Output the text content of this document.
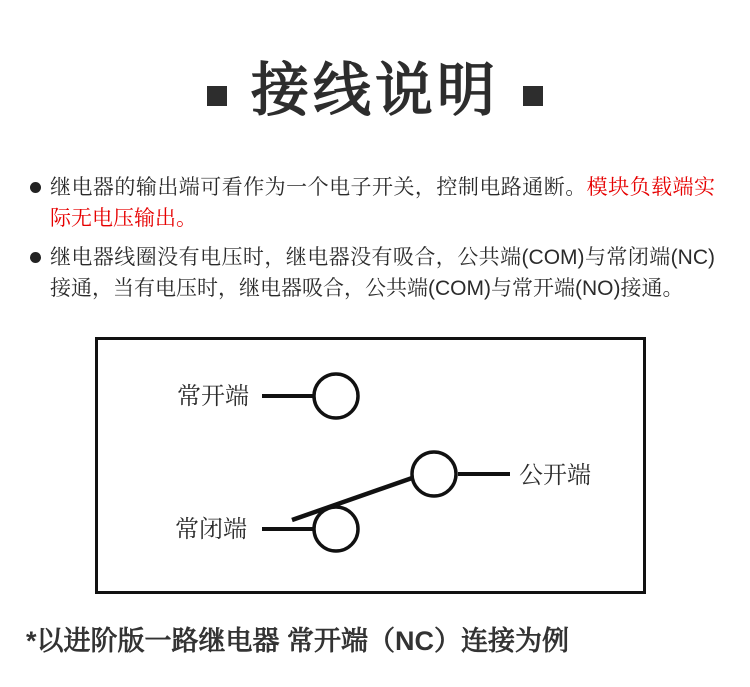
接线说明

继电器的输出端可看作为一个电子开关，控制电路通断。模块负载端实际无电压输出。

继电器线圈没有电压时，继电器没有吸合，公共端(COM)与常闭端(NC)接通，当有电压时，继电器吸合，公共端(COM)与常开端(NO)接通。

常开端
常闭端
公开端

*以进阶版一路继电器 常开端（NC）连接为例
